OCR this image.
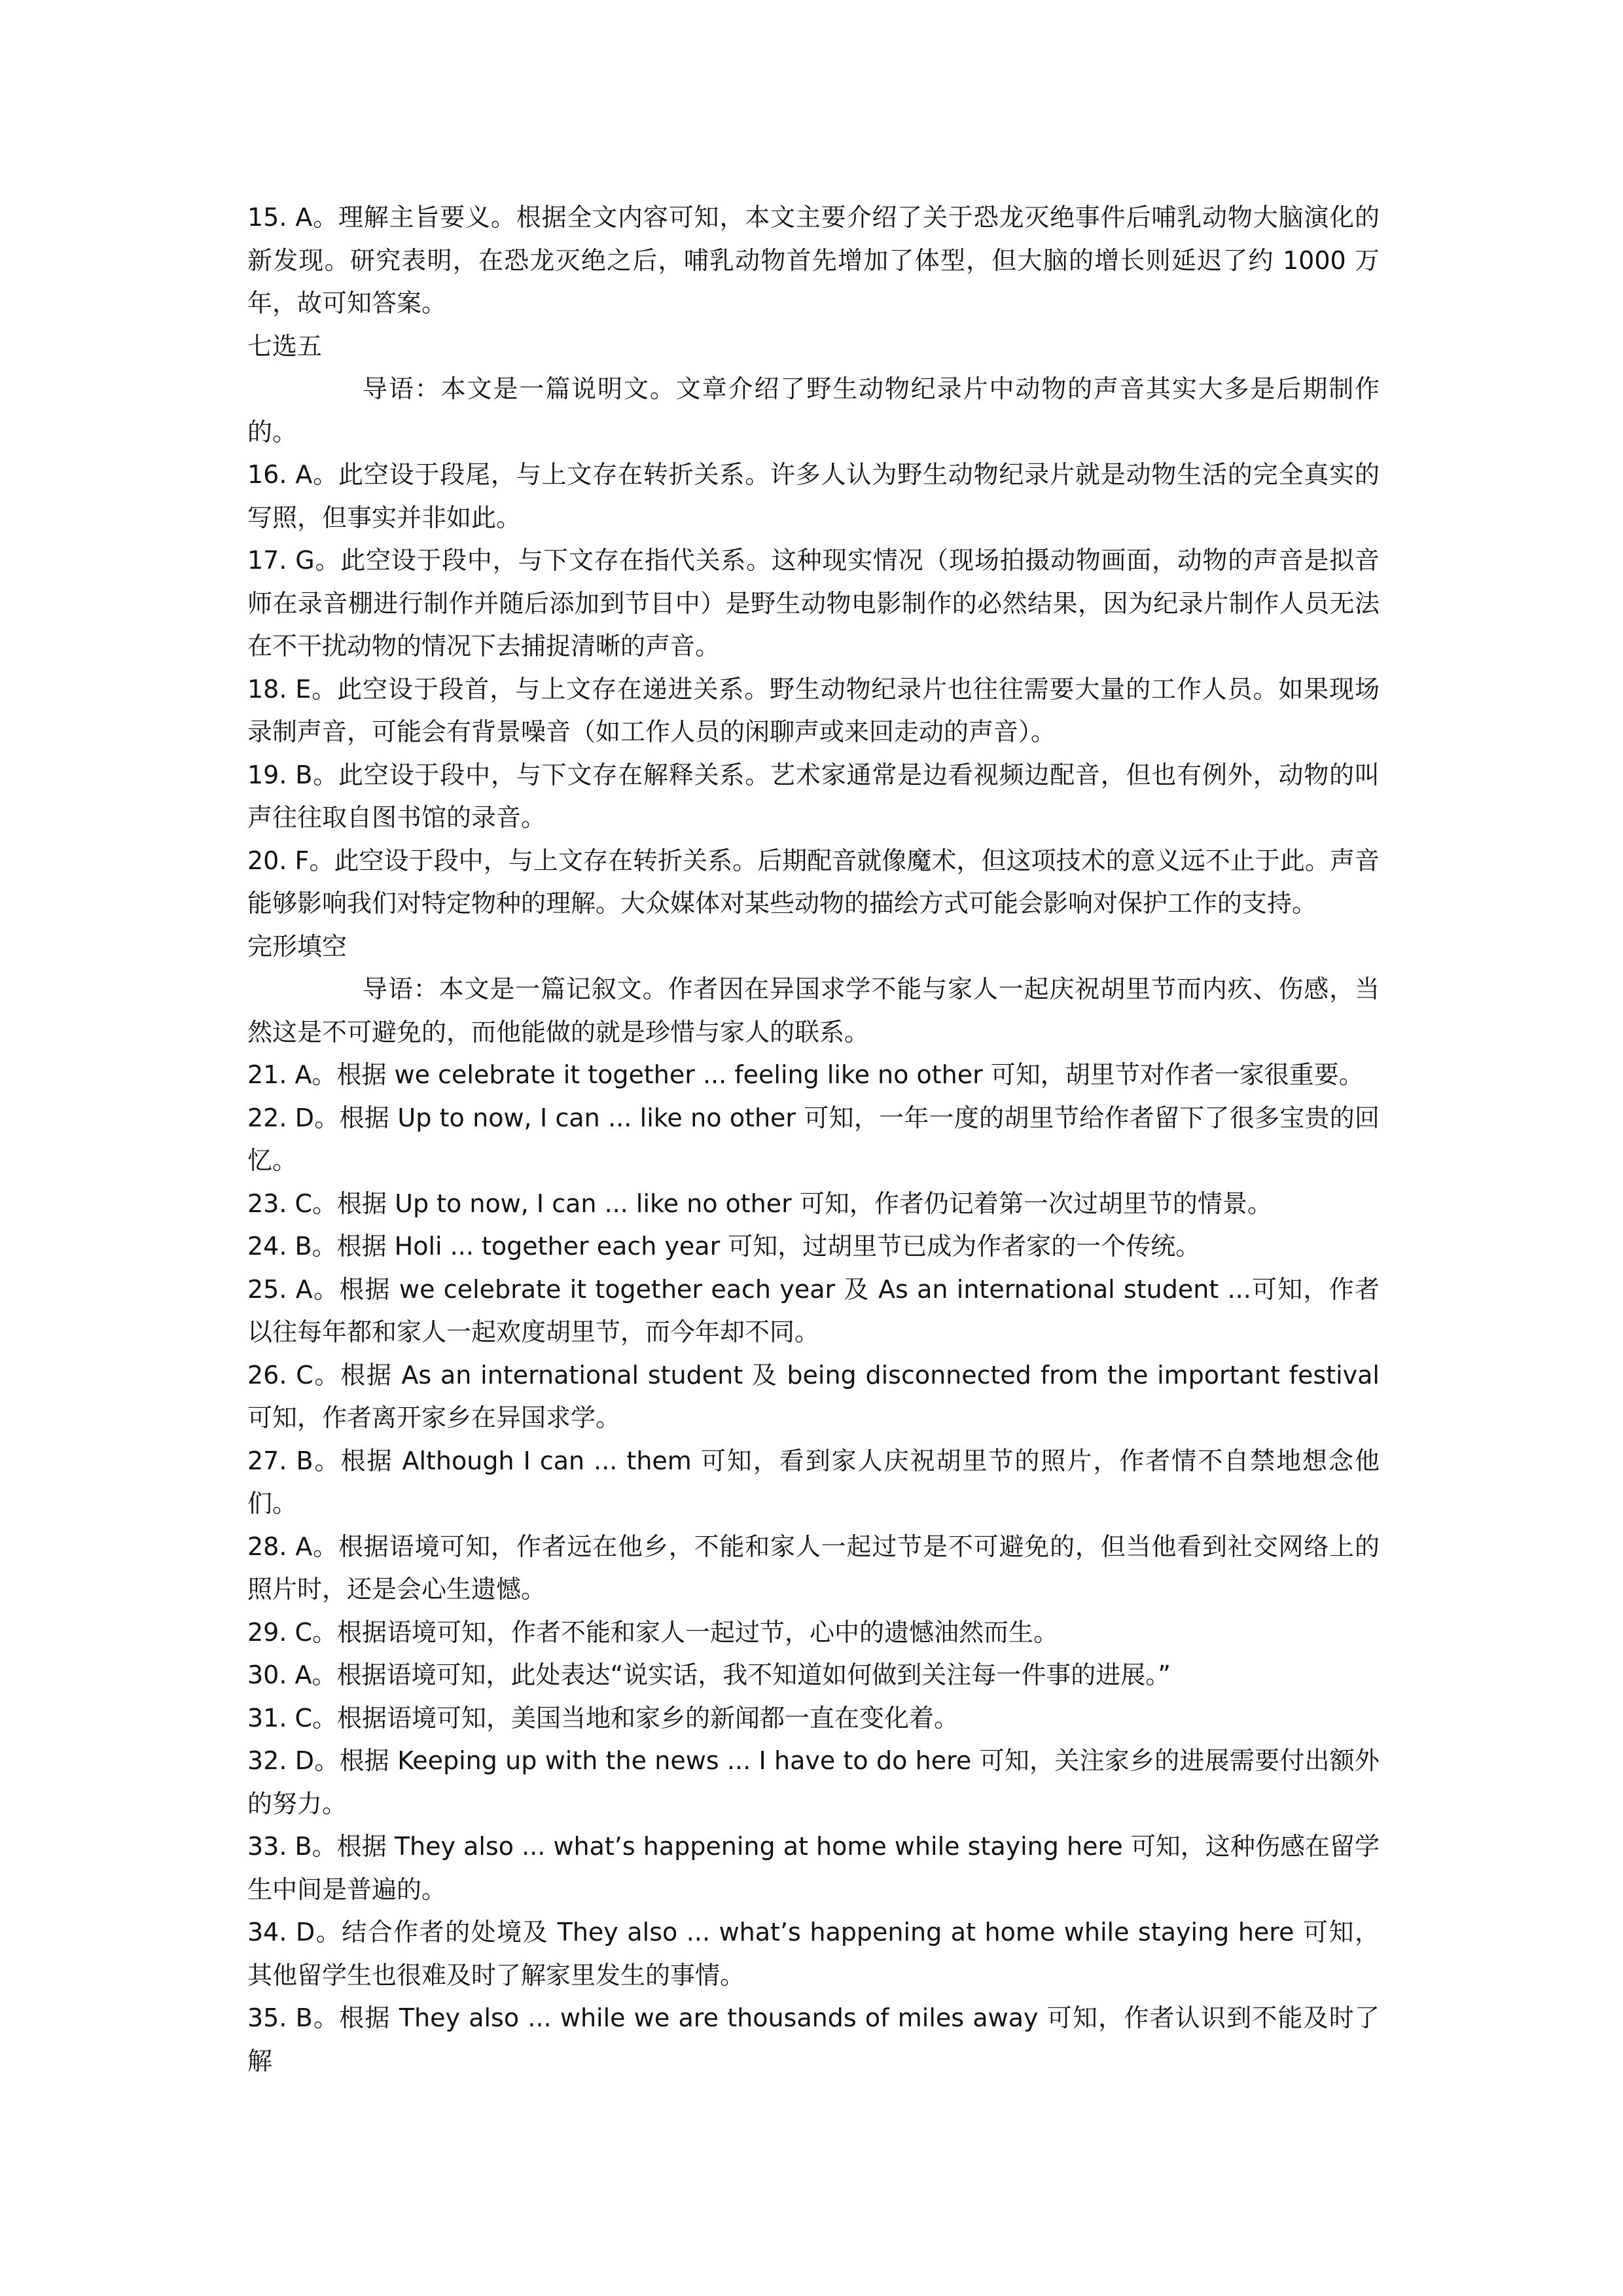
15. A。理解主旨要义。根据全文内容可知，本文主要介绍了关于恐龙灭绝事件后哺乳动物大脑演化的新发现。研究表明，在恐龙灭绝之后，哺乳动物首先增加了体型，但大脑的增长则延迟了约 1000 万年，故可知答案。

七选五

导语：本文是一篇说明文。文章介绍了野生动物纪录片中动物的声音其实大多是后期制作的。

16. A。此空设于段尾，与上文存在转折关系。许多人认为野生动物纪录片就是动物生活的完全真实的写照，但事实并非如此。

17. G。此空设于段中，与下文存在指代关系。这种现实情况（现场拍摄动物画面，动物的声音是拟音师在录音棚进行制作并随后添加到节目中）是野生动物电影制作的必然结果，因为纪录片制作人员无法在不干扰动物的情况下去捕捉清晰的声音。

18. E。此空设于段首，与上文存在递进关系。野生动物纪录片也往往需要大量的工作人员。如果现场录制声音，可能会有背景噪音（如工作人员的闲聊声或来回走动的声音）。

19. B。此空设于段中，与下文存在解释关系。艺术家通常是边看视频边配音，但也有例外，动物的叫声往往取自图书馆的录音。

20. F。此空设于段中，与上文存在转折关系。后期配音就像魔术，但这项技术的意义远不止于此。声音能够影响我们对特定物种的理解。大众媒体对某些动物的描绘方式可能会影响对保护工作的支持。

完形填空

导语：本文是一篇记叙文。作者因在异国求学不能与家人一起庆祝胡里节而内疚、伤感，当然这是不可避免的，而他能做的就是珍惜与家人的联系。

21. A。根据 we celebrate it together ... feeling like no other 可知，胡里节对作者一家很重要。

22. D。根据 Up to now, I can ... like no other 可知，一年一度的胡里节给作者留下了很多宝贵的回忆。

23. C。根据 Up to now, I can ... like no other 可知，作者仍记着第一次过胡里节的情景。

24. B。根据 Holi ... together each year 可知，过胡里节已成为作者家的一个传统。

25. A。根据 we celebrate it together each year 及 As an international student ...可知，作者以往每年都和家人一起欢度胡里节，而今年却不同。

26. C。根据 As an international student 及 being disconnected from the important festival 可知，作者离开家乡在异国求学。

27. B。根据 Although I can ... them 可知，看到家人庆祝胡里节的照片，作者情不自禁地想念他们。

28. A。根据语境可知，作者远在他乡，不能和家人一起过节是不可避免的，但当他看到社交网络上的照片时，还是会心生遗憾。

29. C。根据语境可知，作者不能和家人一起过节，心中的遗憾油然而生。

30. A。根据语境可知，此处表达“说实话，我不知道如何做到关注每一件事的进展。”

31. C。根据语境可知，美国当地和家乡的新闻都一直在变化着。

32. D。根据 Keeping up with the news ... I have to do here 可知，关注家乡的进展需要付出额外的努力。

33. B。根据 They also ... what’s happening at home while staying here 可知，这种伤感在留学生中间是普遍的。

34. D。结合作者的处境及 They also ... what’s happening at home while staying here 可知，其他留学生也很难及时了解家里发生的事情。

35. B。根据 They also ... while we are thousands of miles away 可知，作者认识到不能及时了解
